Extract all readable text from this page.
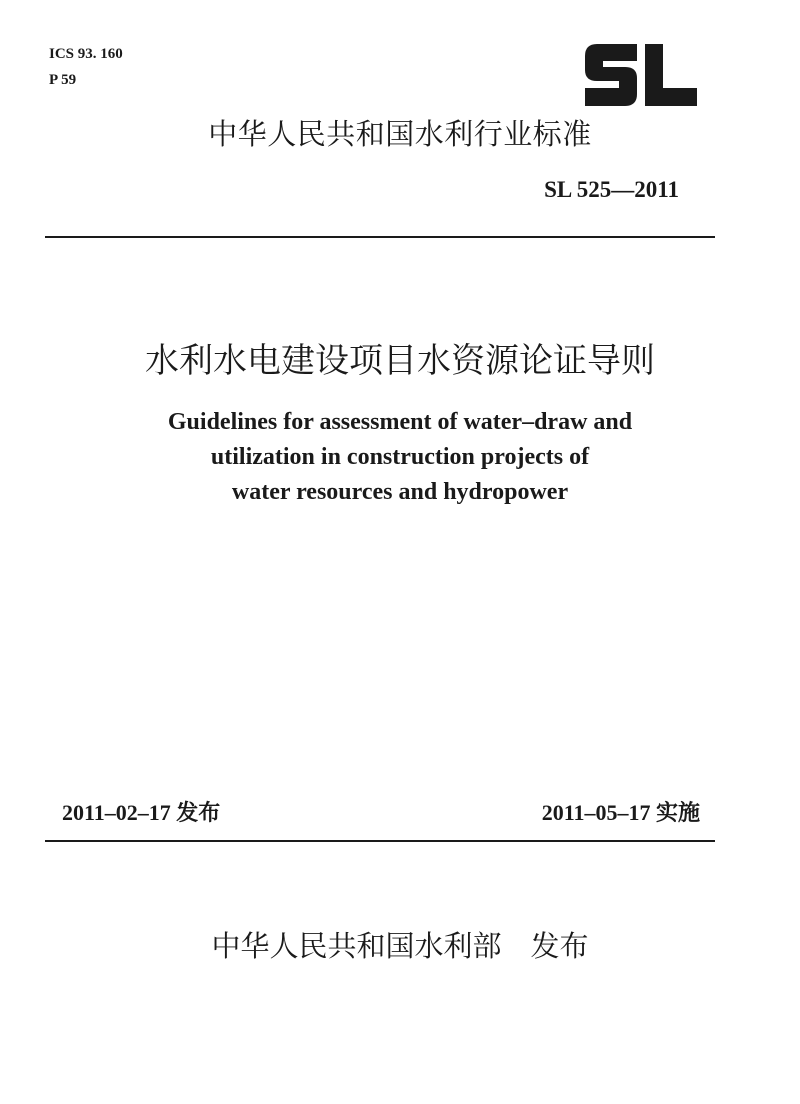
ICS 93. 160
P 59
中华人民共和国水利行业标准
SL 525—2011
水利水电建设项目水资源论证导则
Guidelines for assessment of water–draw and
utilization in construction projects of
water resources and hydropower
2011–02–17 发布	2011–05–17 实施
中华人民共和国水利部　发布
